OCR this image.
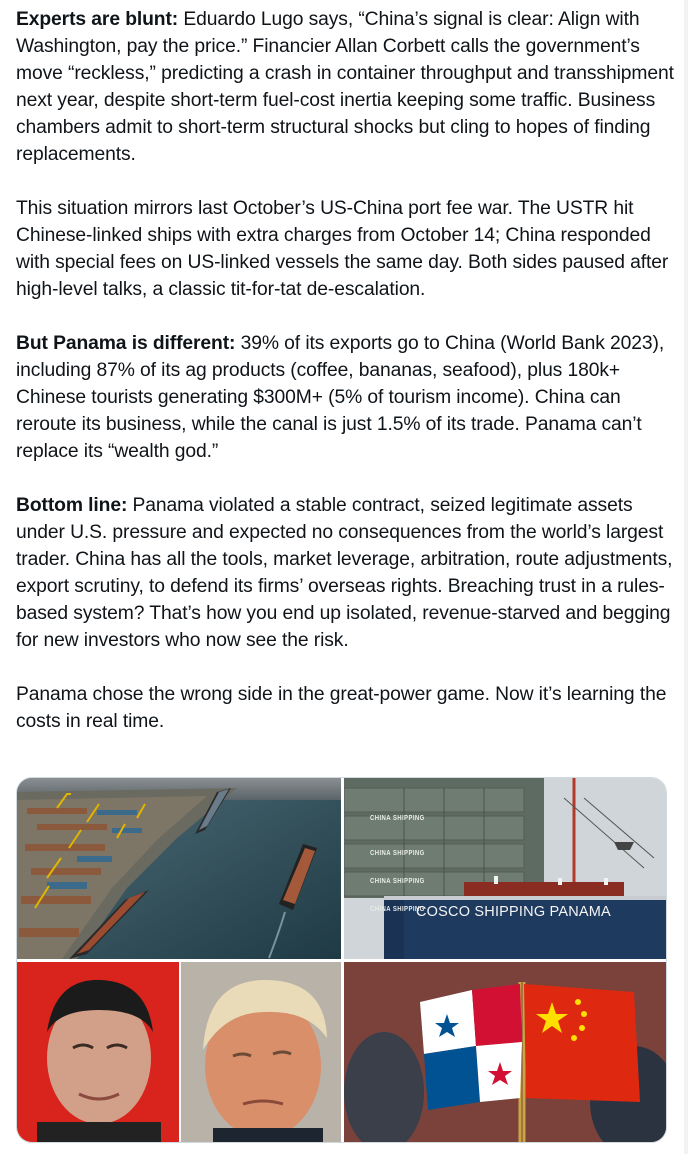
Experts are blunt: Eduardo Lugo says, “China’s signal is clear: Align with Washington, pay the price.” Financier Allan Corbett calls the government’s move “reckless,” predicting a crash in container throughput and transshipment next year, despite short-term fuel-cost inertia keeping some traffic. Business chambers admit to short-term structural shocks but cling to hopes of finding replacements.

This situation mirrors last October’s US-China port fee war. The USTR hit Chinese-linked ships with extra charges from October 14; China responded with special fees on US-linked vessels the same day. Both sides paused after high-level talks, a classic tit-for-tat de-escalation.

But Panama is different: 39% of its exports go to China (World Bank 2023), including 87% of its ag products (coffee, bananas, seafood), plus 180k+ Chinese tourists generating $300M+ (5% of tourism income). China can reroute its business, while the canal is just 1.5% of its trade. Panama can’t replace its “wealth god.”

Bottom line: Panama violated a stable contract, seized legitimate assets under U.S. pressure and expected no consequences from the world’s largest trader. China has all the tools, market leverage, arbitration, route adjustments, export scrutiny, to defend its firms’ overseas rights. Breaching trust in a rules-based system? That’s how you end up isolated, revenue-starved and begging for new investors who now see the risk.

Panama chose the wrong side in the great-power game. Now it’s learning the costs in real time.

CHINA SHIPPING
CHINA SHIPPING
CHINA SHIPPING
CHINA SHIPPING
COSCO SHIPPING PANAMA
